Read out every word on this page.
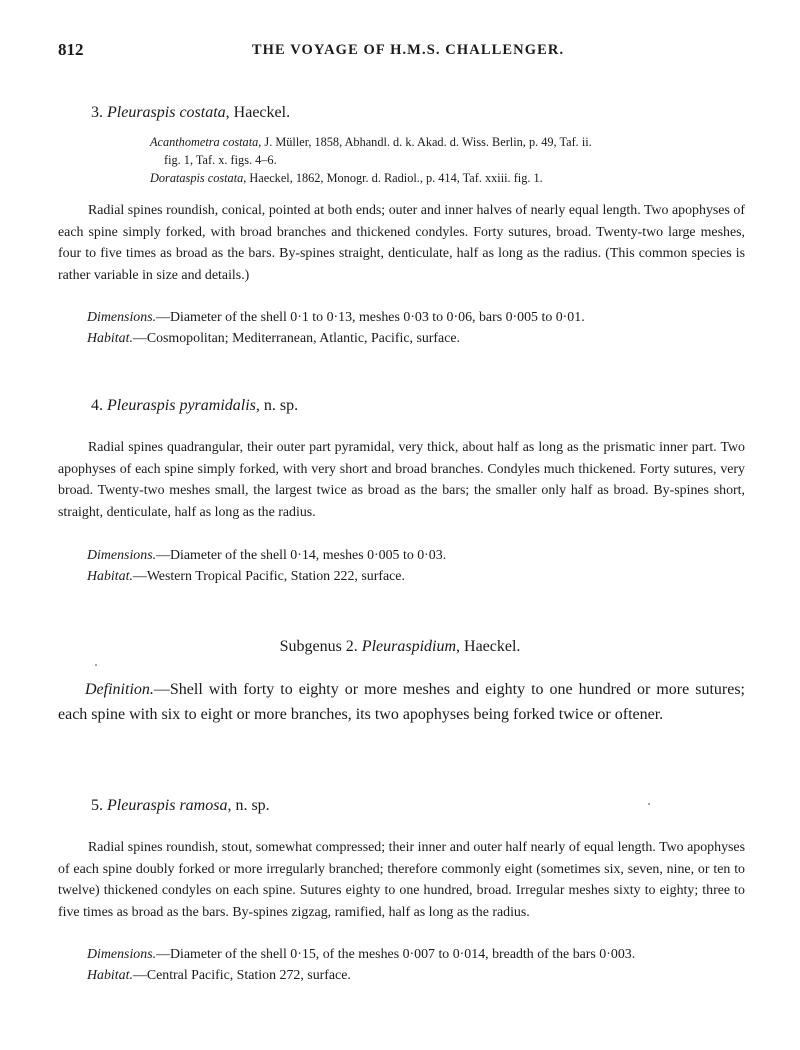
812	THE VOYAGE OF H.M.S. CHALLENGER.
3. Pleuraspis costata, Haeckel.

Acanthometra costata, J. Müller, 1858, Abhandl. d. k. Akad. d. Wiss. Berlin, p. 49, Taf. ii.

fig. 1, Taf. x. figs. 4–6.

Dorataspis costata, Haeckel, 1862, Monogr. d. Radiol., p. 414, Taf. xxiii. fig. 1.

Radial spines roundish, conical, pointed at both ends; outer and inner halves of nearly equal length. Two apophyses of each spine simply forked, with broad branches and thickened condyles. Forty sutures, broad. Twenty-two large meshes, four to five times as broad as the bars. By-spines straight, denticulate, half as long as the radius. (This common species is rather variable in size and details.)

Dimensions.—Diameter of the shell 0·1 to 0·13, meshes 0·03 to 0·06, bars 0·005 to 0·01.

Habitat.—Cosmopolitan; Mediterranean, Atlantic, Pacific, surface.

4. Pleuraspis pyramidalis, n. sp.

Radial spines quadrangular, their outer part pyramidal, very thick, about half as long as the prismatic inner part. Two apophyses of each spine simply forked, with very short and broad branches. Condyles much thickened. Forty sutures, very broad. Twenty-two meshes small, the largest twice as broad as the bars; the smaller only half as broad. By-spines short, straight, denticulate, half as long as the radius.

Dimensions.—Diameter of the shell 0·14, meshes 0·005 to 0·03.

Habitat.—Western Tropical Pacific, Station 222, surface.

Subgenus 2. Pleuraspidium, Haeckel.

Definition.—Shell with forty to eighty or more meshes and eighty to one hundred or more sutures; each spine with six to eight or more branches, its two apophyses being forked twice or oftener.

5. Pleuraspis ramosa, n. sp.

Radial spines roundish, stout, somewhat compressed; their inner and outer half nearly of equal length. Two apophyses of each spine doubly forked or more irregularly branched; therefore commonly eight (sometimes six, seven, nine, or ten to twelve) thickened condyles on each spine. Sutures eighty to one hundred, broad. Irregular meshes sixty to eighty; three to five times as broad as the bars. By-spines zigzag, ramified, half as long as the radius.

Dimensions.—Diameter of the shell 0·15, of the meshes 0·007 to 0·014, breadth of the bars 0·003.

Habitat.—Central Pacific, Station 272, surface.
